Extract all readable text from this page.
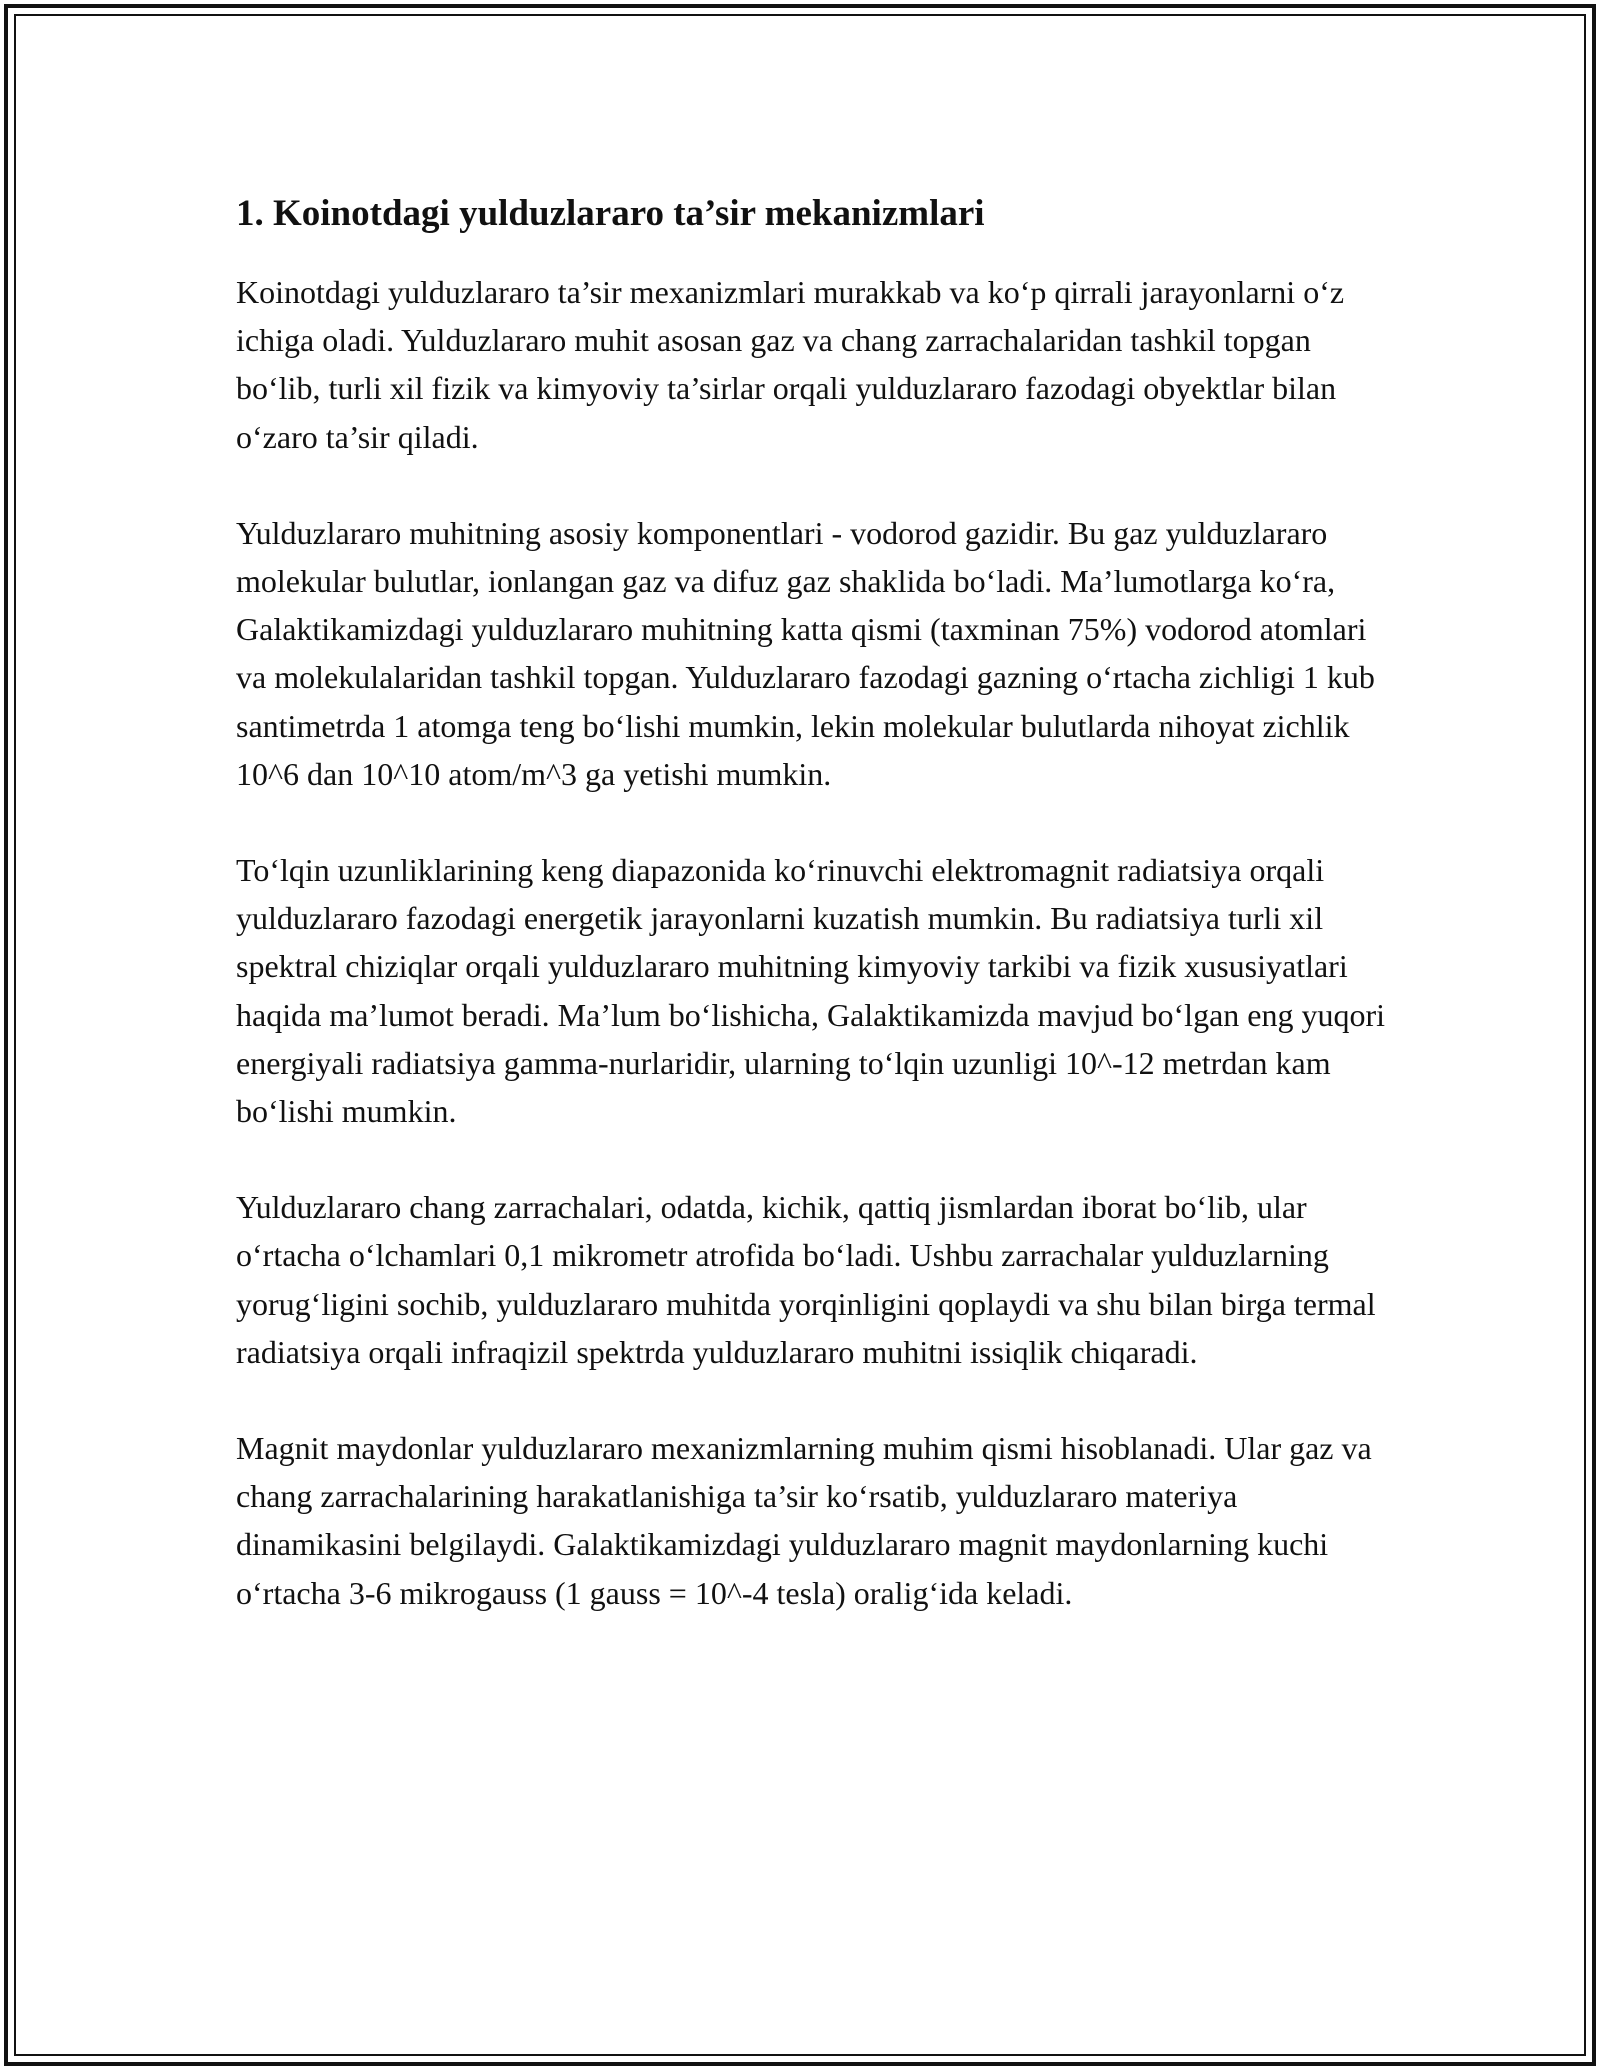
1. Koinotdagi yulduzlararo ta’sir mekanizmlari

Koinotdagi yulduzlararo ta’sir mexanizmlari murakkab va ko‘p qirrali jarayonlarni o‘z ichiga oladi. Yulduzlararo muhit asosan gaz va chang zarrachalaridan tashkil topgan bo‘lib, turli xil fizik va kimyoviy ta’sirlar orqali yulduzlararo fazodagi obyektlar bilan o‘zaro ta’sir qiladi.

Yulduzlararo muhitning asosiy komponentlari - vodorod gazidir. Bu gaz yulduzlararo molekular bulutlar, ionlangan gaz va difuz gaz shaklida bo‘ladi. Ma’lumotlarga ko‘ra, Galaktikamizdagi yulduzlararo muhitning katta qismi (taxminan 75%) vodorod atomlari va molekulalaridan tashkil topgan. Yulduzlararo fazodagi gazning o‘rtacha zichligi 1 kub santimetrda 1 atomga teng bo‘lishi mumkin, lekin molekular bulutlarda nihoyat zichlik 10^6 dan 10^10 atom/m^3 ga yetishi mumkin.

To‘lqin uzunliklarining keng diapazonida ko‘rinuvchi elektromagnit radiatsiya orqali yulduzlararo fazodagi energetik jarayonlarni kuzatish mumkin. Bu radiatsiya turli xil spektral chiziqlar orqali yulduzlararo muhitning kimyoviy tarkibi va fizik xususiyatlari haqida ma’lumot beradi. Ma’lum bo‘lishicha, Galaktikamizda mavjud bo‘lgan eng yuqori energiyali radiatsiya gamma-nurlaridir, ularning to‘lqin uzunligi 10^-12 metrdan kam bo‘lishi mumkin.

Yulduzlararo chang zarrachalari, odatda, kichik, qattiq jismlardan iborat bo‘lib, ular o‘rtacha o‘lchamlari 0,1 mikrometr atrofida bo‘ladi. Ushbu zarrachalar yulduzlarning yorug‘ligini sochib, yulduzlararo muhitda yorqinligini qoplaydi va shu bilan birga termal radiatsiya orqali infraqizil spektrda yulduzlararo muhitni issiqlik chiqaradi.

Magnit maydonlar yulduzlararo mexanizmlarning muhim qismi hisoblanadi. Ular gaz va chang zarrachalarining harakatlanishiga ta’sir ko‘rsatib, yulduzlararo materiya dinamikasini belgilaydi. Galaktikamizdagi yulduzlararo magnit maydonlarning kuchi o‘rtacha 3-6 mikrogauss (1 gauss = 10^-4 tesla) oralig‘ida keladi.
